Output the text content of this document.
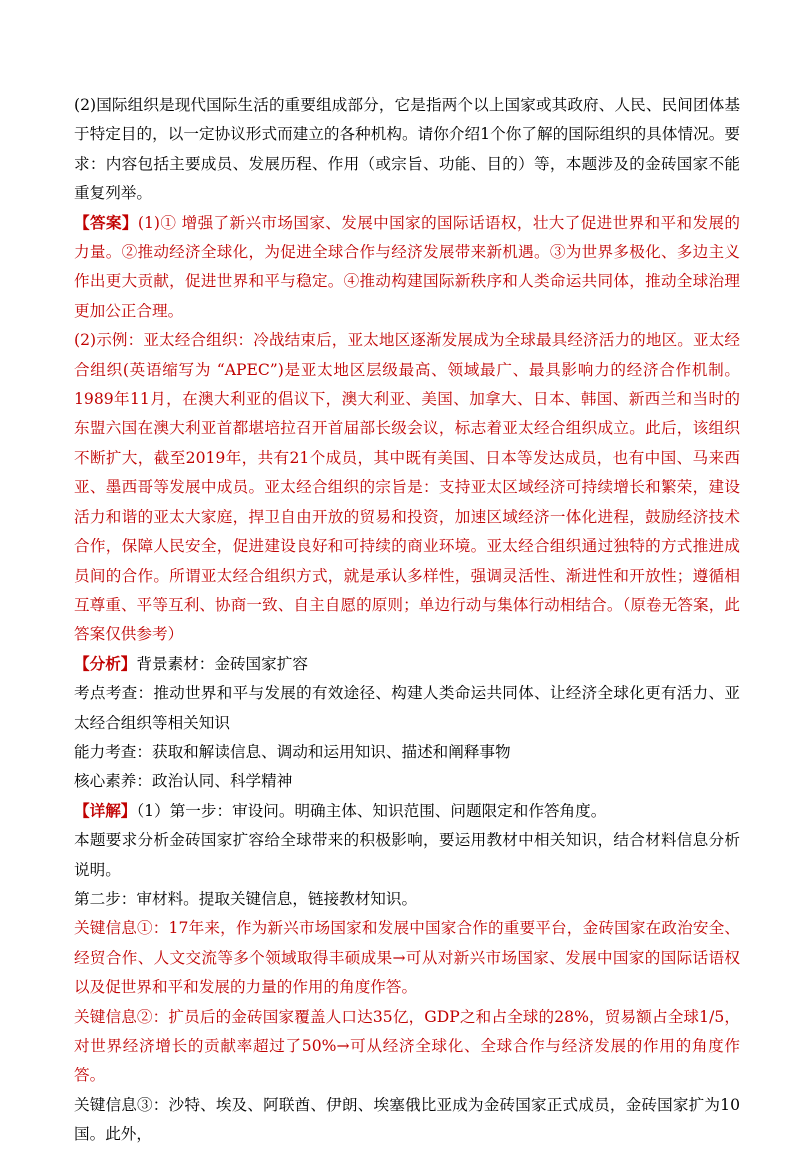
(2)国际组织是现代国际生活的重要组成部分，它是指两个以上国家或其政府、人民、民间团体基于特定目的，以一定协议形式而建立的各种机构。请你介绍1个你了解的国际组织的具体情况。要求：内容包括主要成员、发展历程、作用（或宗旨、功能、目的）等，本题涉及的金砖国家不能重复列举。

【答案】(1)① 增强了新兴市场国家、发展中国家的国际话语权，壮大了促进世界和平和发展的力量。②推动经济全球化，为促进全球合作与经济发展带来新机遇。③为世界多极化、多边主义作出更大贡献，促进世界和平与稳定。④推动构建国际新秩序和人类命运共同体，推动全球治理更加公正合理。

(2)示例：亚太经合组织：冷战结束后，亚太地区逐渐发展成为全球最具经济活力的地区。亚太经合组织(英语缩写为 “APEC”)是亚太地区层级最高、领域最广、最具影响力的经济合作机制。1989年11月，在澳大利亚的倡议下，澳大利亚、美国、加拿大、日本、韩国、新西兰和当时的东盟六国在澳大利亚首都堪培拉召开首届部长级会议，标志着亚太经合组织成立。此后，该组织不断扩大，截至2019年，共有21个成员，其中既有美国、日本等发达成员，也有中国、马来西亚、墨西哥等发展中成员。亚太经合组织的宗旨是：支持亚太区域经济可持续增长和繁荣，建设活力和谐的亚太大家庭，捍卫自由开放的贸易和投资，加速区域经济一体化进程，鼓励经济技术合作，保障人民安全，促进建设良好和可持续的商业环境。亚太经合组织通过独特的方式推进成员间的合作。所谓亚太经合组织方式，就是承认多样性，强调灵活性、渐进性和开放性；遵循相互尊重、平等互利、协商一致、自主自愿的原则；单边行动与集体行动相结合。（原卷无答案，此答案仅供参考）

【分析】背景素材：金砖国家扩容

考点考查：推动世界和平与发展的有效途径、构建人类命运共同体、让经济全球化更有活力、亚太经合组织等相关知识

能力考查：获取和解读信息、调动和运用知识、描述和阐释事物

核心素养：政治认同、科学精神

【详解】（1）第一步：审设问。明确主体、知识范围、问题限定和作答角度。

本题要求分析金砖国家扩容给全球带来的积极影响，要运用教材中相关知识，结合材料信息分析说明。

第二步：审材料。提取关键信息，链接教材知识。

关键信息①：17年来，作为新兴市场国家和发展中国家合作的重要平台，金砖国家在政治安全、经贸合作、人文交流等多个领域取得丰硕成果→可从对新兴市场国家、发展中国家的国际话语权以及促世界和平和发展的力量的作用的角度作答。

关键信息②：扩员后的金砖国家覆盖人口达35亿，GDP之和占全球的28%，贸易额占全球1/5，对世界经济增长的贡献率超过了50%→可从经济全球化、全球合作与经济发展的作用的角度作答。

关键信息③：沙特、埃及、阿联酋、伊朗、埃塞俄比亚成为金砖国家正式成员，金砖国家扩为10国。此外，
